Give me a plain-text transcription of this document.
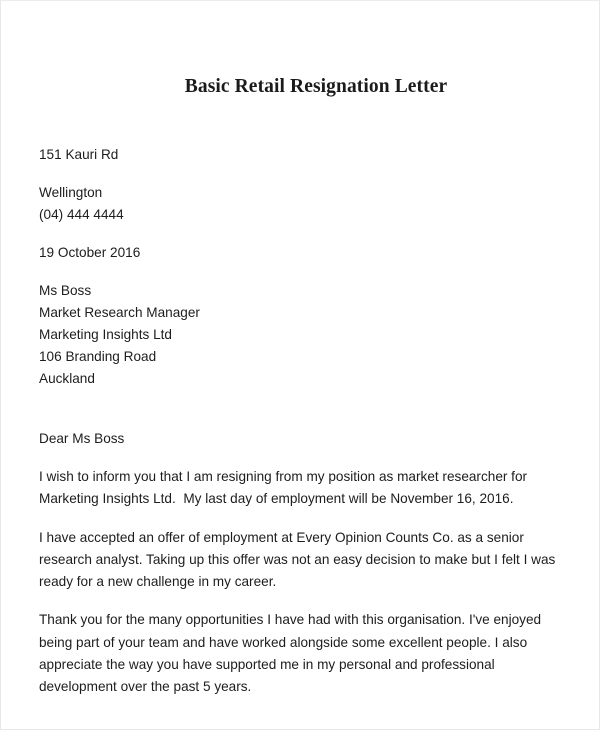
Basic Retail Resignation Letter
151 Kauri Rd
Wellington
(04) 444 4444
19 October 2016
Ms Boss
Market Research Manager
Marketing Insights Ltd
106 Branding Road
Auckland
Dear Ms Boss
I wish to inform you that I am resigning from my position as market researcher for Marketing Insights Ltd.  My last day of employment will be November 16, 2016.
I have accepted an offer of employment at Every Opinion Counts Co. as a senior research analyst. Taking up this offer was not an easy decision to make but I felt I was ready for a new challenge in my career.
Thank you for the many opportunities I have had with this organisation. I've enjoyed being part of your team and have worked alongside some excellent people. I also appreciate the way you have supported me in my personal and professional development over the past 5 years.
